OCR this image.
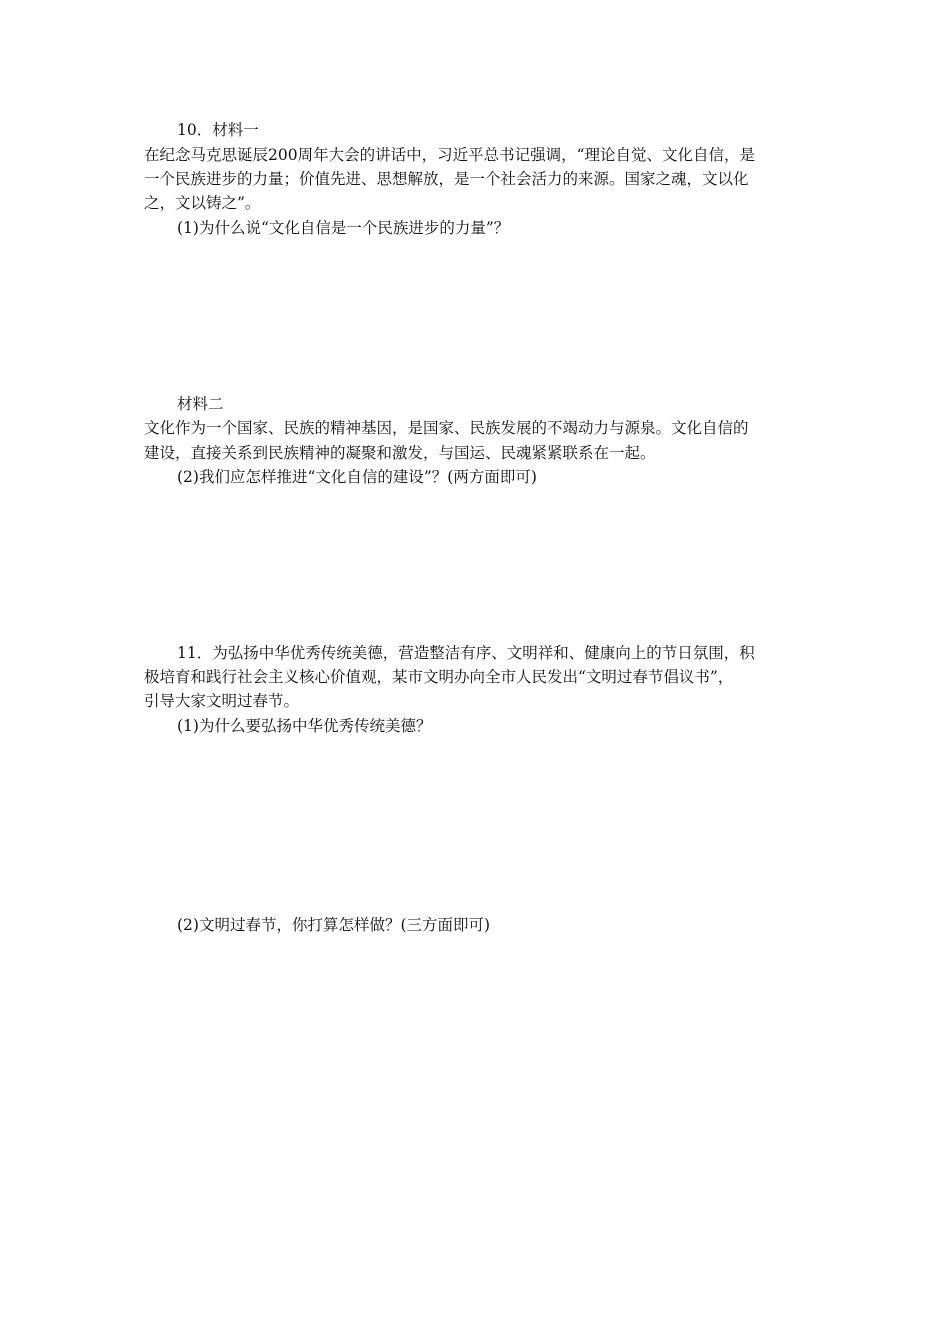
10．材料一
在纪念马克思诞辰200周年大会的讲话中，习近平总书记强调，“理论自觉、文化自信，是
一个民族进步的力量；价值先进、思想解放，是一个社会活力的来源。国家之魂，文以化
之，文以铸之”。
(1)为什么说“文化自信是一个民族进步的力量”？
材料二
文化作为一个国家、民族的精神基因，是国家、民族发展的不竭动力与源泉。文化自信的
建设，直接关系到民族精神的凝聚和激发，与国运、民魂紧紧联系在一起。
(2)我们应怎样推进“文化自信的建设”？(两方面即可)
11．为弘扬中华优秀传统美德，营造整洁有序、文明祥和、健康向上的节日氛围，积
极培育和践行社会主义核心价值观，某市文明办向全市人民发出“文明过春节倡议书”，
引导大家文明过春节。
(1)为什么要弘扬中华优秀传统美德？
(2)文明过春节，你打算怎样做？(三方面即可)
